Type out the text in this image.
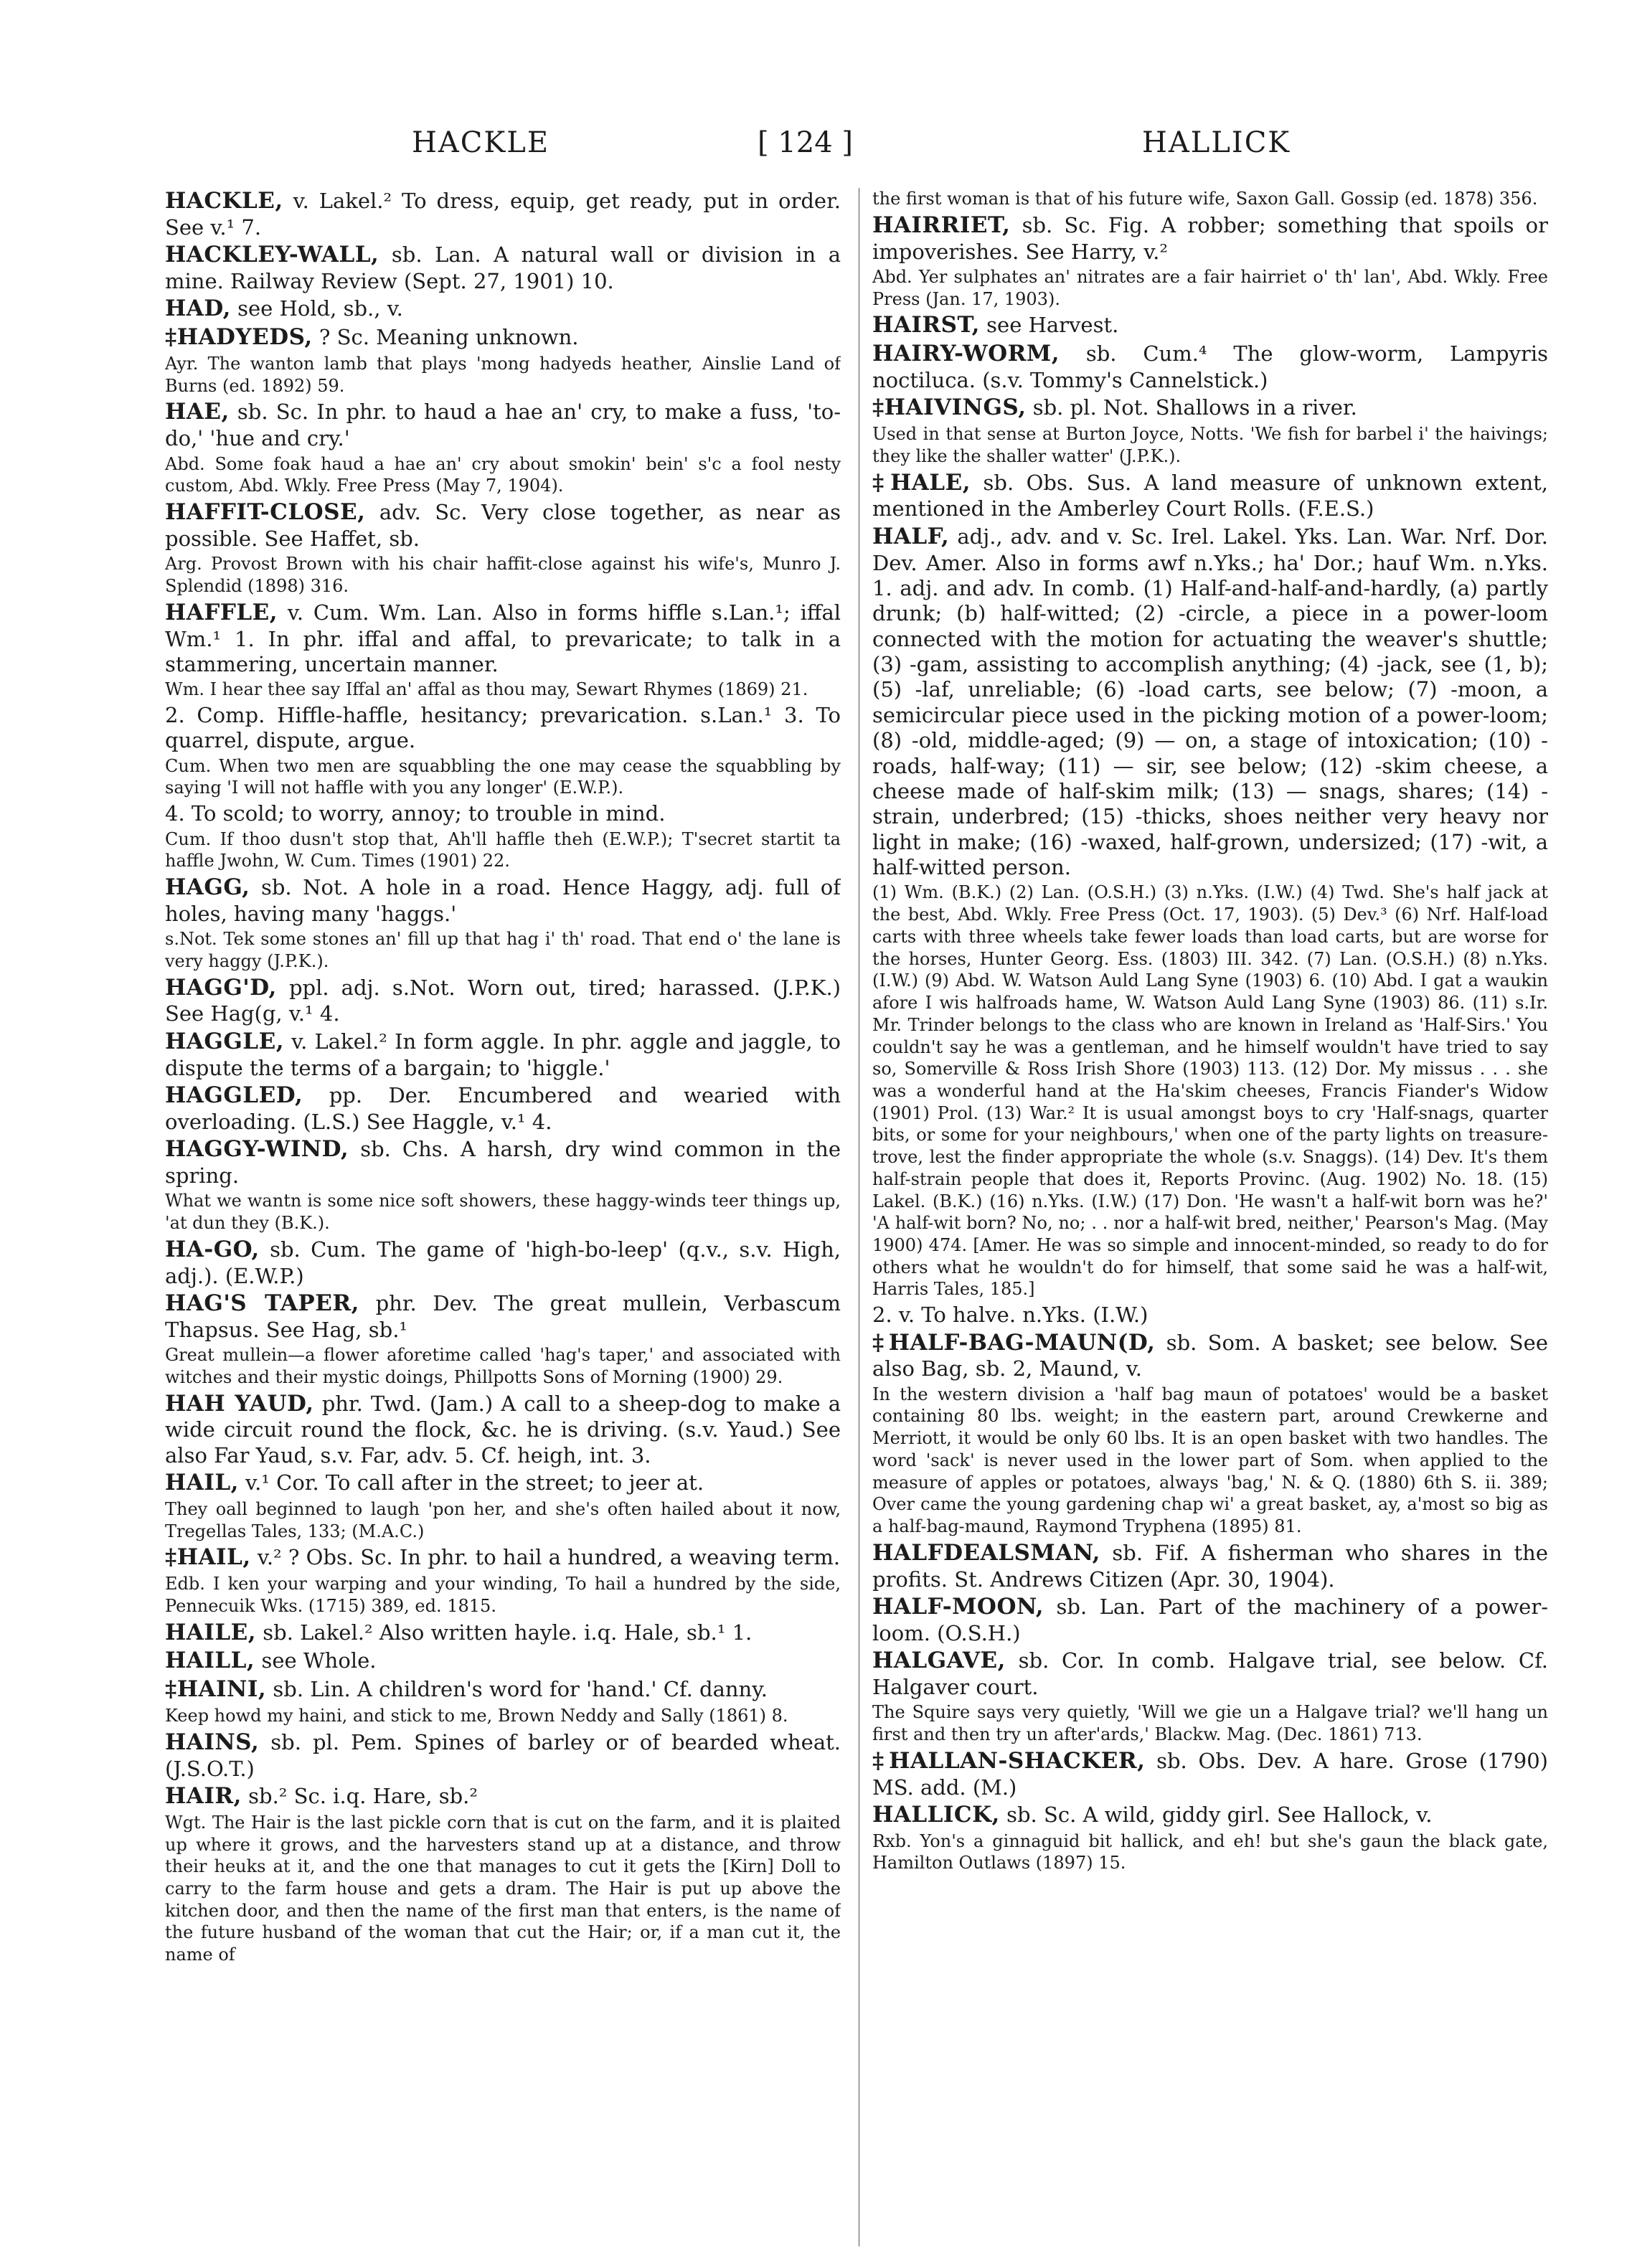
HACKLE	[ 124 ]	HALLICK
HACKLE, v. Lakel.² To dress, equip, get ready, put in order. See v.¹ 7.
HACKLEY-WALL, sb. Lan. A natural wall or division in a mine. Railway Review (Sept. 27, 1901) 10.
HAD, see Hold, sb., v.
‡HADYEDS, ? Sc. Meaning unknown.
Ayr. The wanton lamb that plays 'mong hadyeds heather, Ainslie Land of Burns (ed. 1892) 59.
HAE, sb. Sc. In phr. to haud a hae an' cry, to make a fuss, 'to-do,' 'hue and cry.'
Abd. Some foak haud a hae an' cry about smokin' bein' s'c a fool nesty custom, Abd. Wkly. Free Press (May 7, 1904).
HAFFIT-CLOSE, adv. Sc. Very close together, as near as possible. See Haffet, sb.
Arg. Provost Brown with his chair haffit-close against his wife's, Munro J. Splendid (1898) 316.
HAFFLE, v. Cum. Wm. Lan. Also in forms hiffle s.Lan.¹; iffal Wm.¹ 1. In phr. iffal and affal, to prevaricate; to talk in a stammering, uncertain manner.
Wm. I hear thee say Iffal an' affal as thou may, Sewart Rhymes (1869) 21.
2. Comp. Hiffle-haffle, hesitancy; prevarication. s.Lan.¹ 3. To quarrel, dispute, argue.
Cum. When two men are squabbling the one may cease the squabbling by saying 'I will not haffle with you any longer' (E.W.P.).
4. To scold; to worry, annoy; to trouble in mind.
Cum. If thoo dusn't stop that, Ah'll haffle theh (E.W.P.); T'secret startit ta haffle Jwohn, W. Cum. Times (1901) 22.
HAGG, sb. Not. A hole in a road. Hence Haggy, adj. full of holes, having many 'haggs.'
s.Not. Tek some stones an' fill up that hag i' th' road. That end o' the lane is very haggy (J.P.K.).
HAGG'D, ppl. adj. s.Not. Worn out, tired; harassed. (J.P.K.) See Hag(g, v.¹ 4.
HAGGLE, v. Lakel.² In form aggle. In phr. aggle and jaggle, to dispute the terms of a bargain; to 'higgle.'
HAGGLED, pp. Der. Encumbered and wearied with overloading. (L.S.) See Haggle, v.¹ 4.
HAGGY-WIND, sb. Chs. A harsh, dry wind common in the spring.
What we wantn is some nice soft showers, these haggy-winds teer things up, 'at dun they (B.K.).
HA-GO, sb. Cum. The game of 'high-bo-leep' (q.v., s.v. High, adj.). (E.W.P.)
HAG'S TAPER, phr. Dev. The great mullein, Verbascum Thapsus. See Hag, sb.¹
Great mullein—a flower aforetime called 'hag's taper,' and associated with witches and their mystic doings, Phillpotts Sons of Morning (1900) 29.
HAH YAUD, phr. Twd. (Jam.) A call to a sheep-dog to make a wide circuit round the flock, &c. he is driving. (s.v. Yaud.) See also Far Yaud, s.v. Far, adv. 5. Cf. heigh, int. 3.
HAIL, v.¹ Cor. To call after in the street; to jeer at.
They oall beginned to laugh 'pon her, and she's often hailed about it now, Tregellas Tales, 133; (M.A.C.)
‡HAIL, v.² ? Obs. Sc. In phr. to hail a hundred, a weaving term.
Edb. I ken your warping and your winding, To hail a hundred by the side, Pennecuik Wks. (1715) 389, ed. 1815.
HAILE, sb. Lakel.² Also written hayle. i.q. Hale, sb.¹ 1.
HAILL, see Whole.
‡HAINI, sb. Lin. A children's word for 'hand.' Cf. danny.
Keep howd my haini, and stick to me, Brown Neddy and Sally (1861) 8.
HAINS, sb. pl. Pem. Spines of barley or of bearded wheat. (J.S.O.T.)
HAIR, sb.² Sc. i.q. Hare, sb.²
Wgt. The Hair is the last pickle corn that is cut on the farm, and it is plaited up where it grows, and the harvesters stand up at a distance, and throw their heuks at it, and the one that manages to cut it gets the [Kirn] Doll to carry to the farm house and gets a dram. The Hair is put up above the kitchen door, and then the name of the first man that enters, is the name of the future husband of the woman that cut the Hair; or, if a man cut it, the name of
the first woman is that of his future wife, Saxon Gall. Gossip (ed. 1878) 356.
HAIRRIET, sb. Sc. Fig. A robber; something that spoils or impoverishes. See Harry, v.²
Abd. Yer sulphates an' nitrates are a fair hairriet o' th' lan', Abd. Wkly. Free Press (Jan. 17, 1903).
HAIRST, see Harvest.
HAIRY-WORM, sb. Cum.⁴ The glow-worm, Lampyris noctiluca. (s.v. Tommy's Cannelstick.)
‡HAIVINGS, sb. pl. Not. Shallows in a river.
Used in that sense at Burton Joyce, Notts. 'We fish for barbel i' the haivings; they like the shaller watter' (J.P.K.).
‡HALE, sb. Obs. Sus. A land measure of unknown extent, mentioned in the Amberley Court Rolls. (F.E.S.)
HALF, adj., adv. and v. Sc. Irel. Lakel. Yks. Lan. War. Nrf. Dor. Dev. Amer. Also in forms awf n.Yks.; ha' Dor.; hauf Wm. n.Yks. 1. adj. and adv. In comb. (1) Half-and-half-and-hardly, (a) partly drunk; (b) half-witted; (2) -circle, a piece in a power-loom connected with the motion for actuating the weaver's shuttle; (3) -gam, assisting to accomplish anything; (4) -jack, see (1, b); (5) -laf, unreliable; (6) -load carts, see below; (7) -moon, a semicircular piece used in the picking motion of a power-loom; (8) -old, middle-aged; (9) — on, a stage of intoxication; (10) -roads, half-way; (11) — sir, see below; (12) -skim cheese, a cheese made of half-skim milk; (13) — snags, shares; (14) -strain, underbred; (15) -thicks, shoes neither very heavy nor light in make; (16) -waxed, half-grown, undersized; (17) -wit, a half-witted person.
(1) Wm. (B.K.) (2) Lan. (O.S.H.) (3) n.Yks. (I.W.) (4) Twd. She's half jack at the best, Abd. Wkly. Free Press (Oct. 17, 1903). (5) Dev.³ (6) Nrf. Half-load carts with three wheels take fewer loads than load carts, but are worse for the horses, Hunter Georg. Ess. (1803) III. 342. (7) Lan. (O.S.H.) (8) n.Yks. (I.W.) (9) Abd. W. Watson Auld Lang Syne (1903) 6. (10) Abd. I gat a waukin afore I wis halfroads hame, W. Watson Auld Lang Syne (1903) 86. (11) s.Ir. Mr. Trinder belongs to the class who are known in Ireland as 'Half-Sirs.' You couldn't say he was a gentleman, and he himself wouldn't have tried to say so, Somerville & Ross Irish Shore (1903) 113. (12) Dor. My missus . . . she was a wonderful hand at the Ha'skim cheeses, Francis Fiander's Widow (1901) Prol. (13) War.² It is usual amongst boys to cry 'Half-snags, quarter bits, or some for your neighbours,' when one of the party lights on treasure-trove, lest the finder appropriate the whole (s.v. Snaggs). (14) Dev. It's them half-strain people that does it, Reports Provinc. (Aug. 1902) No. 18. (15) Lakel. (B.K.) (16) n.Yks. (I.W.) (17) Don. 'He wasn't a half-wit born was he?' 'A half-wit born? No, no; . . nor a half-wit bred, neither,' Pearson's Mag. (May 1900) 474. [Amer. He was so simple and innocent-minded, so ready to do for others what he wouldn't do for himself, that some said he was a half-wit, Harris Tales, 185.]
2. v. To halve. n.Yks. (I.W.)
‡HALF-BAG-MAUN(D, sb. Som. A basket; see below. See also Bag, sb. 2, Maund, v.
In the western division a 'half bag maun of potatoes' would be a basket containing 80 lbs. weight; in the eastern part, around Crewkerne and Merriott, it would be only 60 lbs. It is an open basket with two handles. The word 'sack' is never used in the lower part of Som. when applied to the measure of apples or potatoes, always 'bag,' N. & Q. (1880) 6th S. ii. 389; Over came the young gardening chap wi' a great basket, ay, a'most so big as a half-bag-maund, Raymond Tryphena (1895) 81.
HALFDEALSMAN, sb. Fif. A fisherman who shares in the profits. St. Andrews Citizen (Apr. 30, 1904).
HALF-MOON, sb. Lan. Part of the machinery of a power-loom. (O.S.H.)
HALGAVE, sb. Cor. In comb. Halgave trial, see below. Cf. Halgaver court.
The Squire says very quietly, 'Will we gie un a Halgave trial? we'll hang un first and then try un after'ards,' Blackw. Mag. (Dec. 1861) 713.
‡HALLAN-SHACKER, sb. Obs. Dev. A hare. Grose (1790) MS. add. (M.)
HALLICK, sb. Sc. A wild, giddy girl. See Hallock, v.
Rxb. Yon's a ginnaguid bit hallick, and eh! but she's gaun the black gate, Hamilton Outlaws (1897) 15.
